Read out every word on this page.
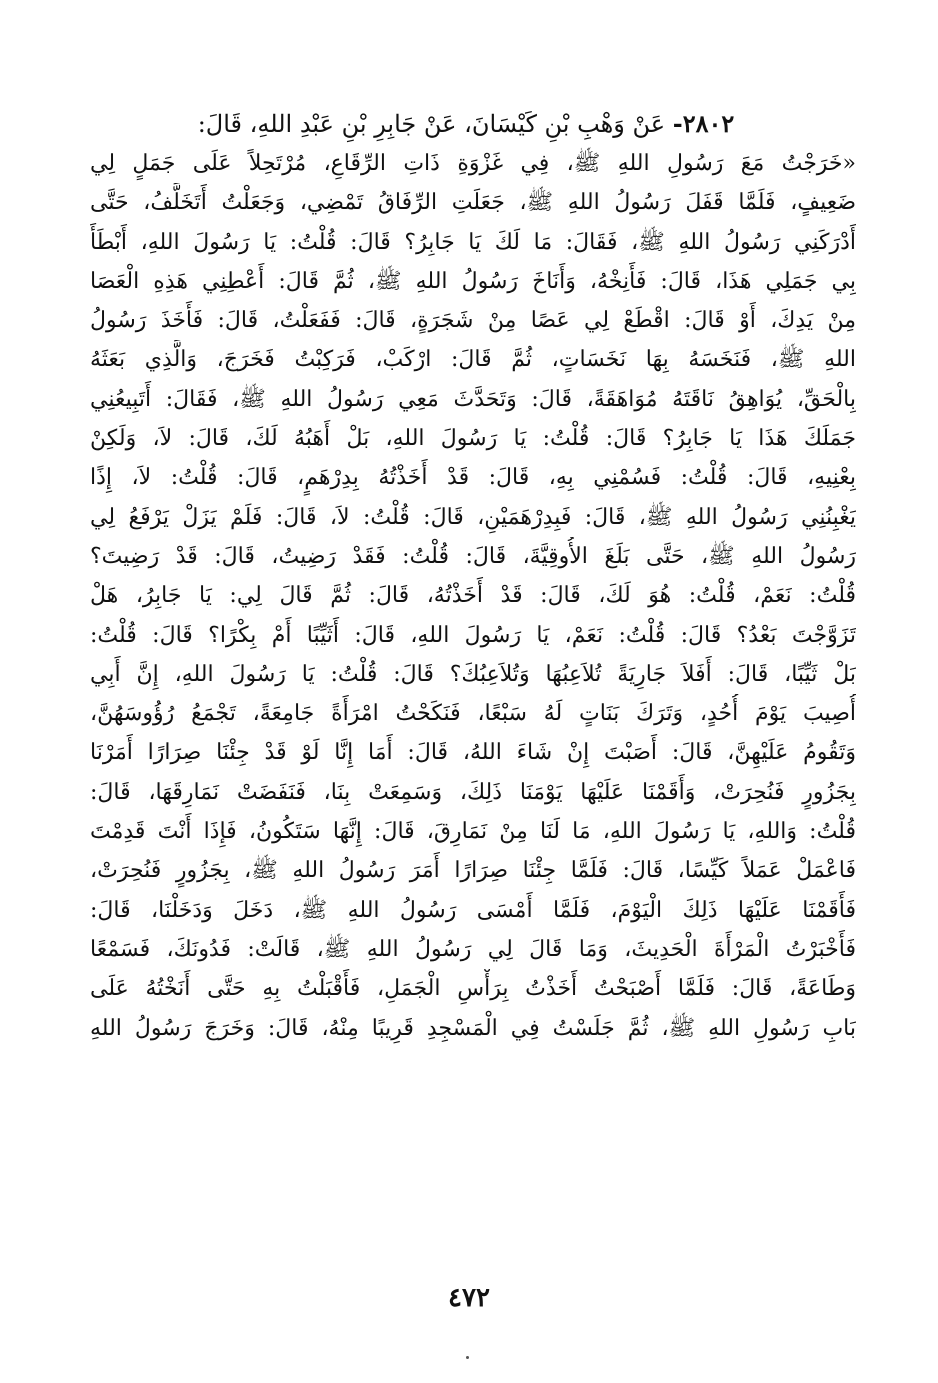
٢٨٠٢- عَنْ وَهْبِ بْنِ كَيْسَانَ، عَنْ جَابِرِ بْنِ عَبْدِ اللهِ، قَالَ:
«خَرَجْتُ مَعَ رَسُولِ اللهِ ﷺ، فِي غَزْوَةِ ذَاتِ الرِّقَاعِ، مُرْتَحِلاً عَلَى جَمَلٍ لِي
ضَعِيفٍ، فَلَمَّا قَفَلَ رَسُولُ اللهِ ﷺ، جَعَلَتِ الرِّفَاقُ تَمْضِي، وَجَعَلْتُ أَتَخَلَّفُ، حَتَّى
أَدْرَكَنِي رَسُولُ اللهِ ﷺ، فَقَالَ: مَا لَكَ يَا جَابِرُ؟ قَالَ: قُلْتُ: يَا رَسُولَ اللهِ، أَبْطَأَ
بِي جَمَلِي هَذَا، قَالَ: فَأَنِخْهُ، وَأَنَاخَ رَسُولُ اللهِ ﷺ، ثُمَّ قَالَ: أَعْطِنِي هَذِهِ الْعَصَا
مِنْ يَدِكَ، أَوْ قَالَ: اقْطَعْ لِي عَصًا مِنْ شَجَرَةٍ، قَالَ: فَفَعَلْتُ، قَالَ: فَأَخَذَ رَسُولُ
اللهِ ﷺ، فَنَخَسَهُ بِهَا نَخَسَاتٍ، ثُمَّ قَالَ: ارْكَبْ، فَرَكِبْتُ فَخَرَجَ، وَالَّذِي بَعَثَهُ
بِالْحَقِّ، يُوَاهِقُ نَاقَتَهُ مُوَاهَقَةً، قَالَ: وَتَحَدَّثَ مَعِي رَسُولُ اللهِ ﷺ، فَقَالَ: أَتَبِيعُنِي
جَمَلَكَ هَذَا يَا جَابِرُ؟ قَالَ: قُلْتُ: يَا رَسُولَ اللهِ، بَلْ أَهَبُهُ لَكَ، قَالَ: لاَ، وَلَكِنْ
بِعْنِيهِ، قَالَ: قُلْتُ: فَسُمْنِي بِهِ، قَالَ: قَدْ أَخَذْتُهُ بِدِرْهَمٍ، قَالَ: قُلْتُ: لاَ، إِذًا
يَغْبِنُنِي رَسُولُ اللهِ ﷺ، قَالَ: فَبِدِرْهَمَيْنِ، قَالَ: قُلْتُ: لاَ، قَالَ: فَلَمْ يَزَلْ يَرْفَعُ لِي
رَسُولُ اللهِ ﷺ، حَتَّى بَلَغَ الأُوقِيَّةَ، قَالَ: قُلْتُ: فَقَدْ رَضِيتُ، قَالَ: قَدْ رَضِيتَ؟
قُلْتُ: نَعَمْ، قُلْتُ: هُوَ لَكَ، قَالَ: قَدْ أَخَذْتُهُ، قَالَ: ثُمَّ قَالَ لِي: يَا جَابِرُ، هَلْ
تَزَوَّجْتَ بَعْدُ؟ قَالَ: قُلْتُ: نَعَمْ، يَا رَسُولَ اللهِ، قَالَ: أَثَيِّبًا أَمْ بِكْرًا؟ قَالَ: قُلْتُ:
بَلْ ثَيِّبًا، قَالَ: أَفَلاَ جَارِيَةً تُلاَعِبُهَا وَتُلاَعِبُكَ؟ قَالَ: قُلْتُ: يَا رَسُولَ اللهِ، إِنَّ أَبِي
أُصِيبَ يَوْمَ أُحُدٍ، وَتَرَكَ بَنَاتٍ لَهُ سَبْعًا، فَنَكَحْتُ امْرَأَةً جَامِعَةً، تَجْمَعُ رُؤُوسَهُنَّ،
وَتَقُومُ عَلَيْهِنَّ، قَالَ: أَصَبْتَ إِنْ شَاءَ اللهُ، قَالَ: أَمَا إِنَّا لَوْ قَدْ جِئْنَا صِرَارًا أَمَرْنَا
بِجَزُورٍ فَنُحِرَتْ، وَأَقَمْنَا عَلَيْهَا يَوْمَنَا ذَلِكَ، وَسَمِعَتْ بِنَا، فَنَفَضَتْ نَمَارِقَهَا، قَالَ:
قُلْتُ: وَاللهِ، يَا رَسُولَ اللهِ، مَا لَنَا مِنْ نَمَارِقَ، قَالَ: إِنَّهَا سَتَكُونُ، فَإِذَا أَنْتَ قَدِمْتَ
فَاعْمَلْ عَمَلاً كَيِّسًا، قَالَ: فَلَمَّا جِئْنَا صِرَارًا أَمَرَ رَسُولُ اللهِ ﷺ، بِجَزُورٍ فَنُحِرَتْ،
فَأَقَمْنَا عَلَيْهَا ذَلِكَ الْيَوْمَ، فَلَمَّا أَمْسَى رَسُولُ اللهِ ﷺ، دَخَلَ وَدَخَلْنَا، قَالَ:
فَأَخْبَرْتُ الْمَرْأَةَ الْحَدِيثَ، وَمَا قَالَ لِي رَسُولُ اللهِ ﷺ، قَالَتْ: فَدُونَكَ، فَسَمْعًا
وَطَاعَةً، قَالَ: فَلَمَّا أَصْبَحْتُ أَخَذْتُ بِرَأْسِ الْجَمَلِ، فَأَقْبَلْتُ بِهِ حَتَّى أَنَخْتُهُ عَلَى
بَابِ رَسُولِ اللهِ ﷺ، ثُمَّ جَلَسْتُ فِي الْمَسْجِدِ قَرِيبًا مِنْهُ، قَالَ: وَخَرَجَ رَسُولُ اللهِ
٤٧٢
